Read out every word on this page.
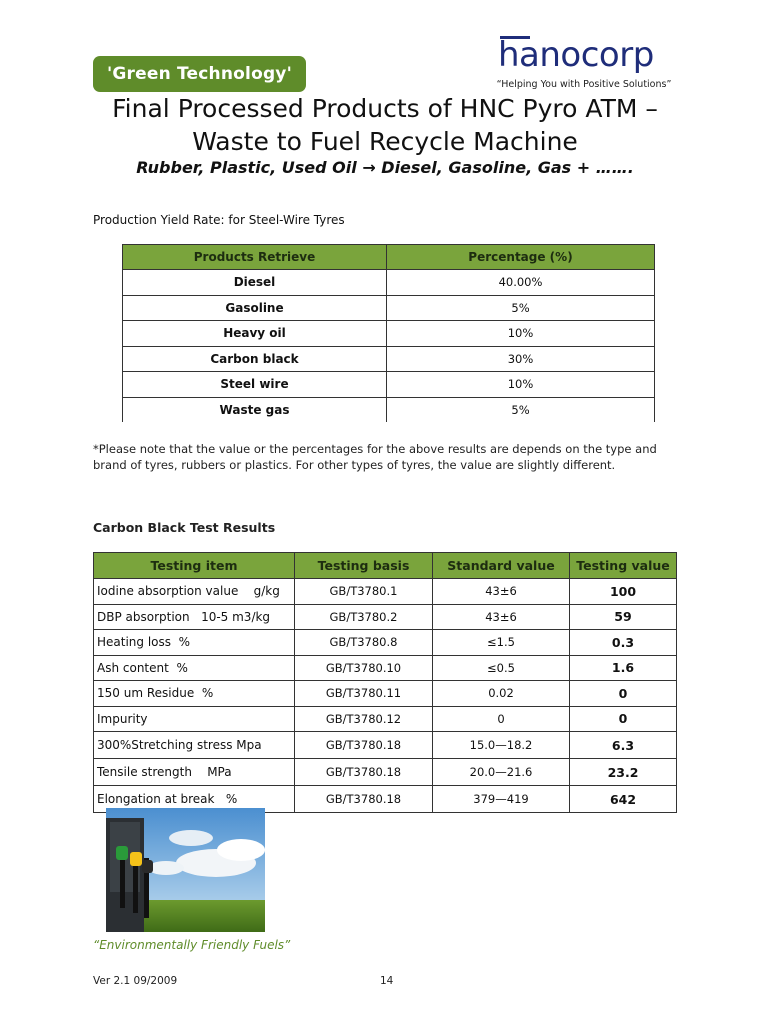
'Green Technology'	hanocorp
“Helping You with Positive Solutions”
Final Processed Products of HNC Pyro ATM –
Waste to Fuel Recycle Machine
Rubber, Plastic, Used Oil → Diesel, Gasoline, Gas + …….
Production Yield Rate: for Steel-Wire Tyres
Products Retrieve	Percentage (%)
Diesel	40.00%
Gasoline	5%
Heavy oil	10%
Carbon black	30%
Steel wire	10%
Waste gas	5%
*Please note that the value or the percentages for the above results are depends on the type and brand of tyres, rubbers or plastics. For other types of tyres, the value are slightly different.
Carbon Black Test Results
Testing item	Testing basis	Standard value	Testing value
Iodine absorption value    g/kg	GB/T3780.1	43±6	100
DBP absorption   10-5 m3/kg	GB/T3780.2	43±6	59
Heating loss  %	GB/T3780.8	≤1.5	0.3
Ash content  %	GB/T3780.10	≤0.5	1.6
150 um Residue  %	GB/T3780.11	0.02	0
Impurity	GB/T3780.12	0	0
300%Stretching stress Mpa	GB/T3780.18	15.0—18.2	6.3
Tensile strength    MPa	GB/T3780.18	20.0—21.6	23.2
Elongation at break   %	GB/T3780.18	379—419	642
“Environmentally Friendly Fuels”
Ver 2.1 09/2009	14
